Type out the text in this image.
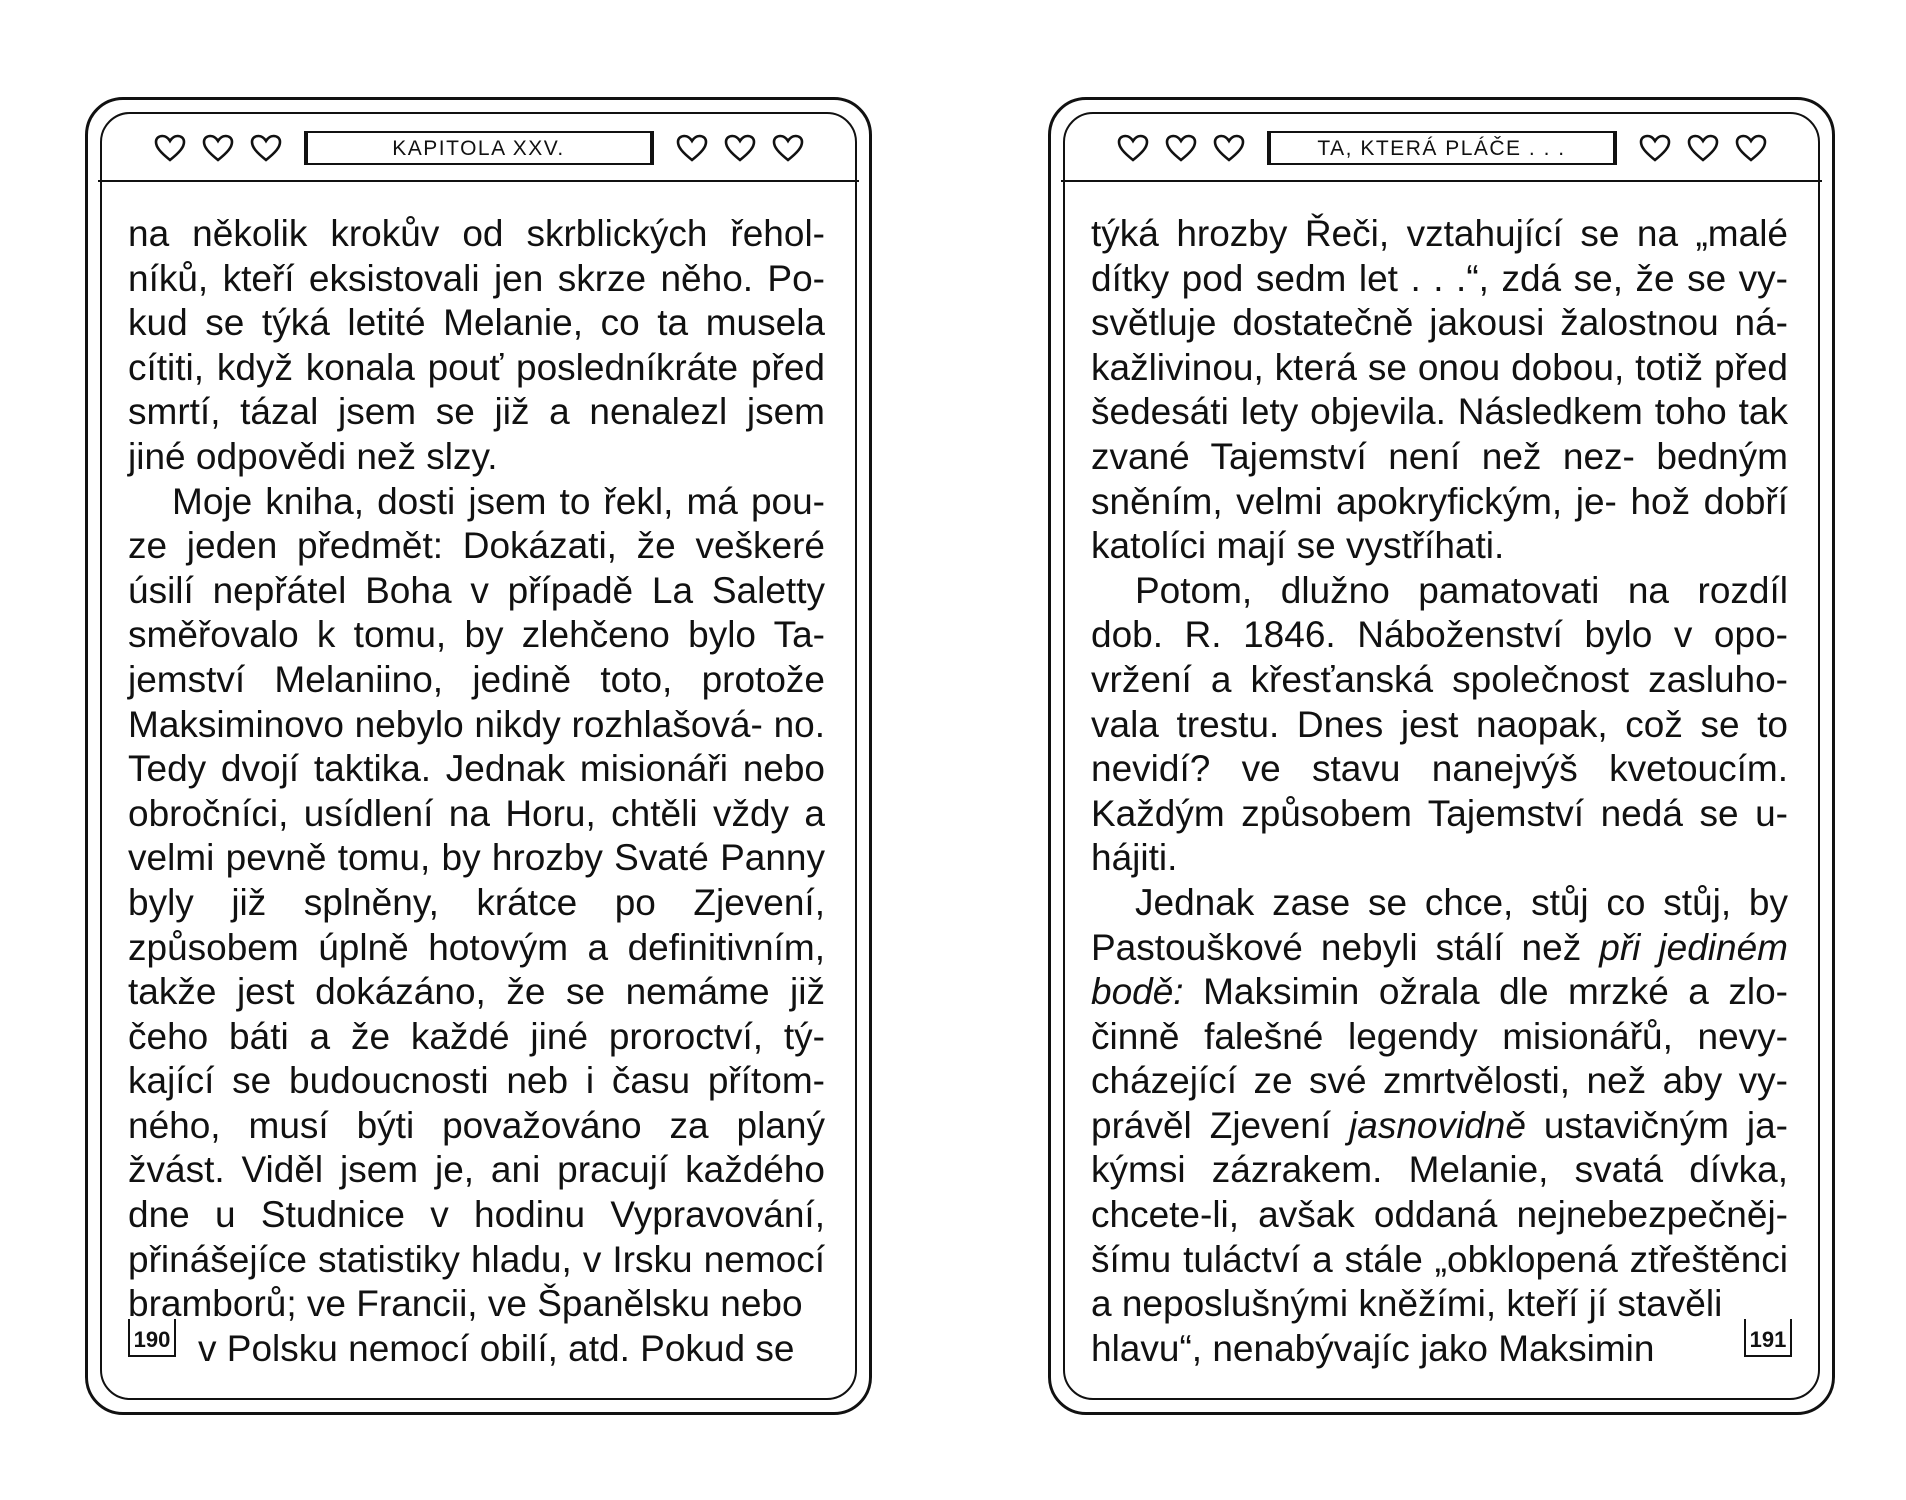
KAPITOLA XXV.

na několik krokův od skrblických řehol- níků, kteří eksistovali jen skrze něho. Po- kud se týká letité Melanie, co ta musela cítiti, když konala pouť posledníkráte před smrtí, tázal jsem se již a nenalezl jsem jiné odpovědi než slzy.

Moje kniha, dosti jsem to řekl, má pou- ze jeden předmět: Dokázati, že veškeré úsilí nepřátel Boha v případě La Saletty směřovalo k tomu, by zlehčeno bylo Ta- jemství Melaniino, jedině toto, protože Maksiminovo nebylo nikdy rozhlašová- no. Tedy dvojí taktika. Jednak misionáři nebo obročníci, usídlení na Horu, chtěli vždy a velmi pevně tomu, by hrozby Svaté Panny byly již splněny, krátce po Zjevení, způsobem úplně hotovým a definitivním, takže jest dokázáno, že se nemáme již čeho báti a že každé jiné proroctví, tý- kající se budoucnosti neb i času přítom- ného, musí býti považováno za planý žvást. Viděl jsem je, ani pracují každého dne u Studnice v hodinu Vypravování, přinášejíce statistiky hladu, v Irsku nemocí bramborů; ve Francii, ve Španělsku nebo

v Polsku nemocí obilí, atd. Pokud se

190
TA, KTERÁ PLÁČE . . .

týká hrozby Řeči, vztahující se na „malé dítky pod sedm let . . .“, zdá se, že se vy- světluje dostatečně jakousi žalostnou ná- kažlivinou, která se onou dobou, totiž před šedesáti lety objevila. Následkem toho tak zvané Tajemství není než nez- bedným sněním, velmi apokryfickým, je- hož dobří katolíci mají se vystříhati.

Potom, dlužno pamatovati na rozdíl dob. R. 1846. Náboženství bylo v opo- vržení a křesťanská společnost zasluho- vala trestu. Dnes jest naopak, což se to nevidí? ve stavu nanejvýš kvetoucím. Každým způsobem Tajemství nedá se u- hájiti.

Jednak zase se chce, stůj co stůj, by Pastouškové nebyli stálí než při jediném bodě: Maksimin ožrala dle mrzké a zlo- činně falešné legendy misionářů, nevy- cházející ze své zmrtvělosti, než aby vy- právěl Zjevení jasnovidně ustavičným ja- kýmsi zázrakem. Melanie, svatá dívka, chcete-li, avšak oddaná nejnebezpečněj- šímu tuláctví a stále „obklopená ztřeštěnci a neposlušnými kněžími, kteří jí stavěli

hlavu“, nenabývajíc jako Maksimin	191
